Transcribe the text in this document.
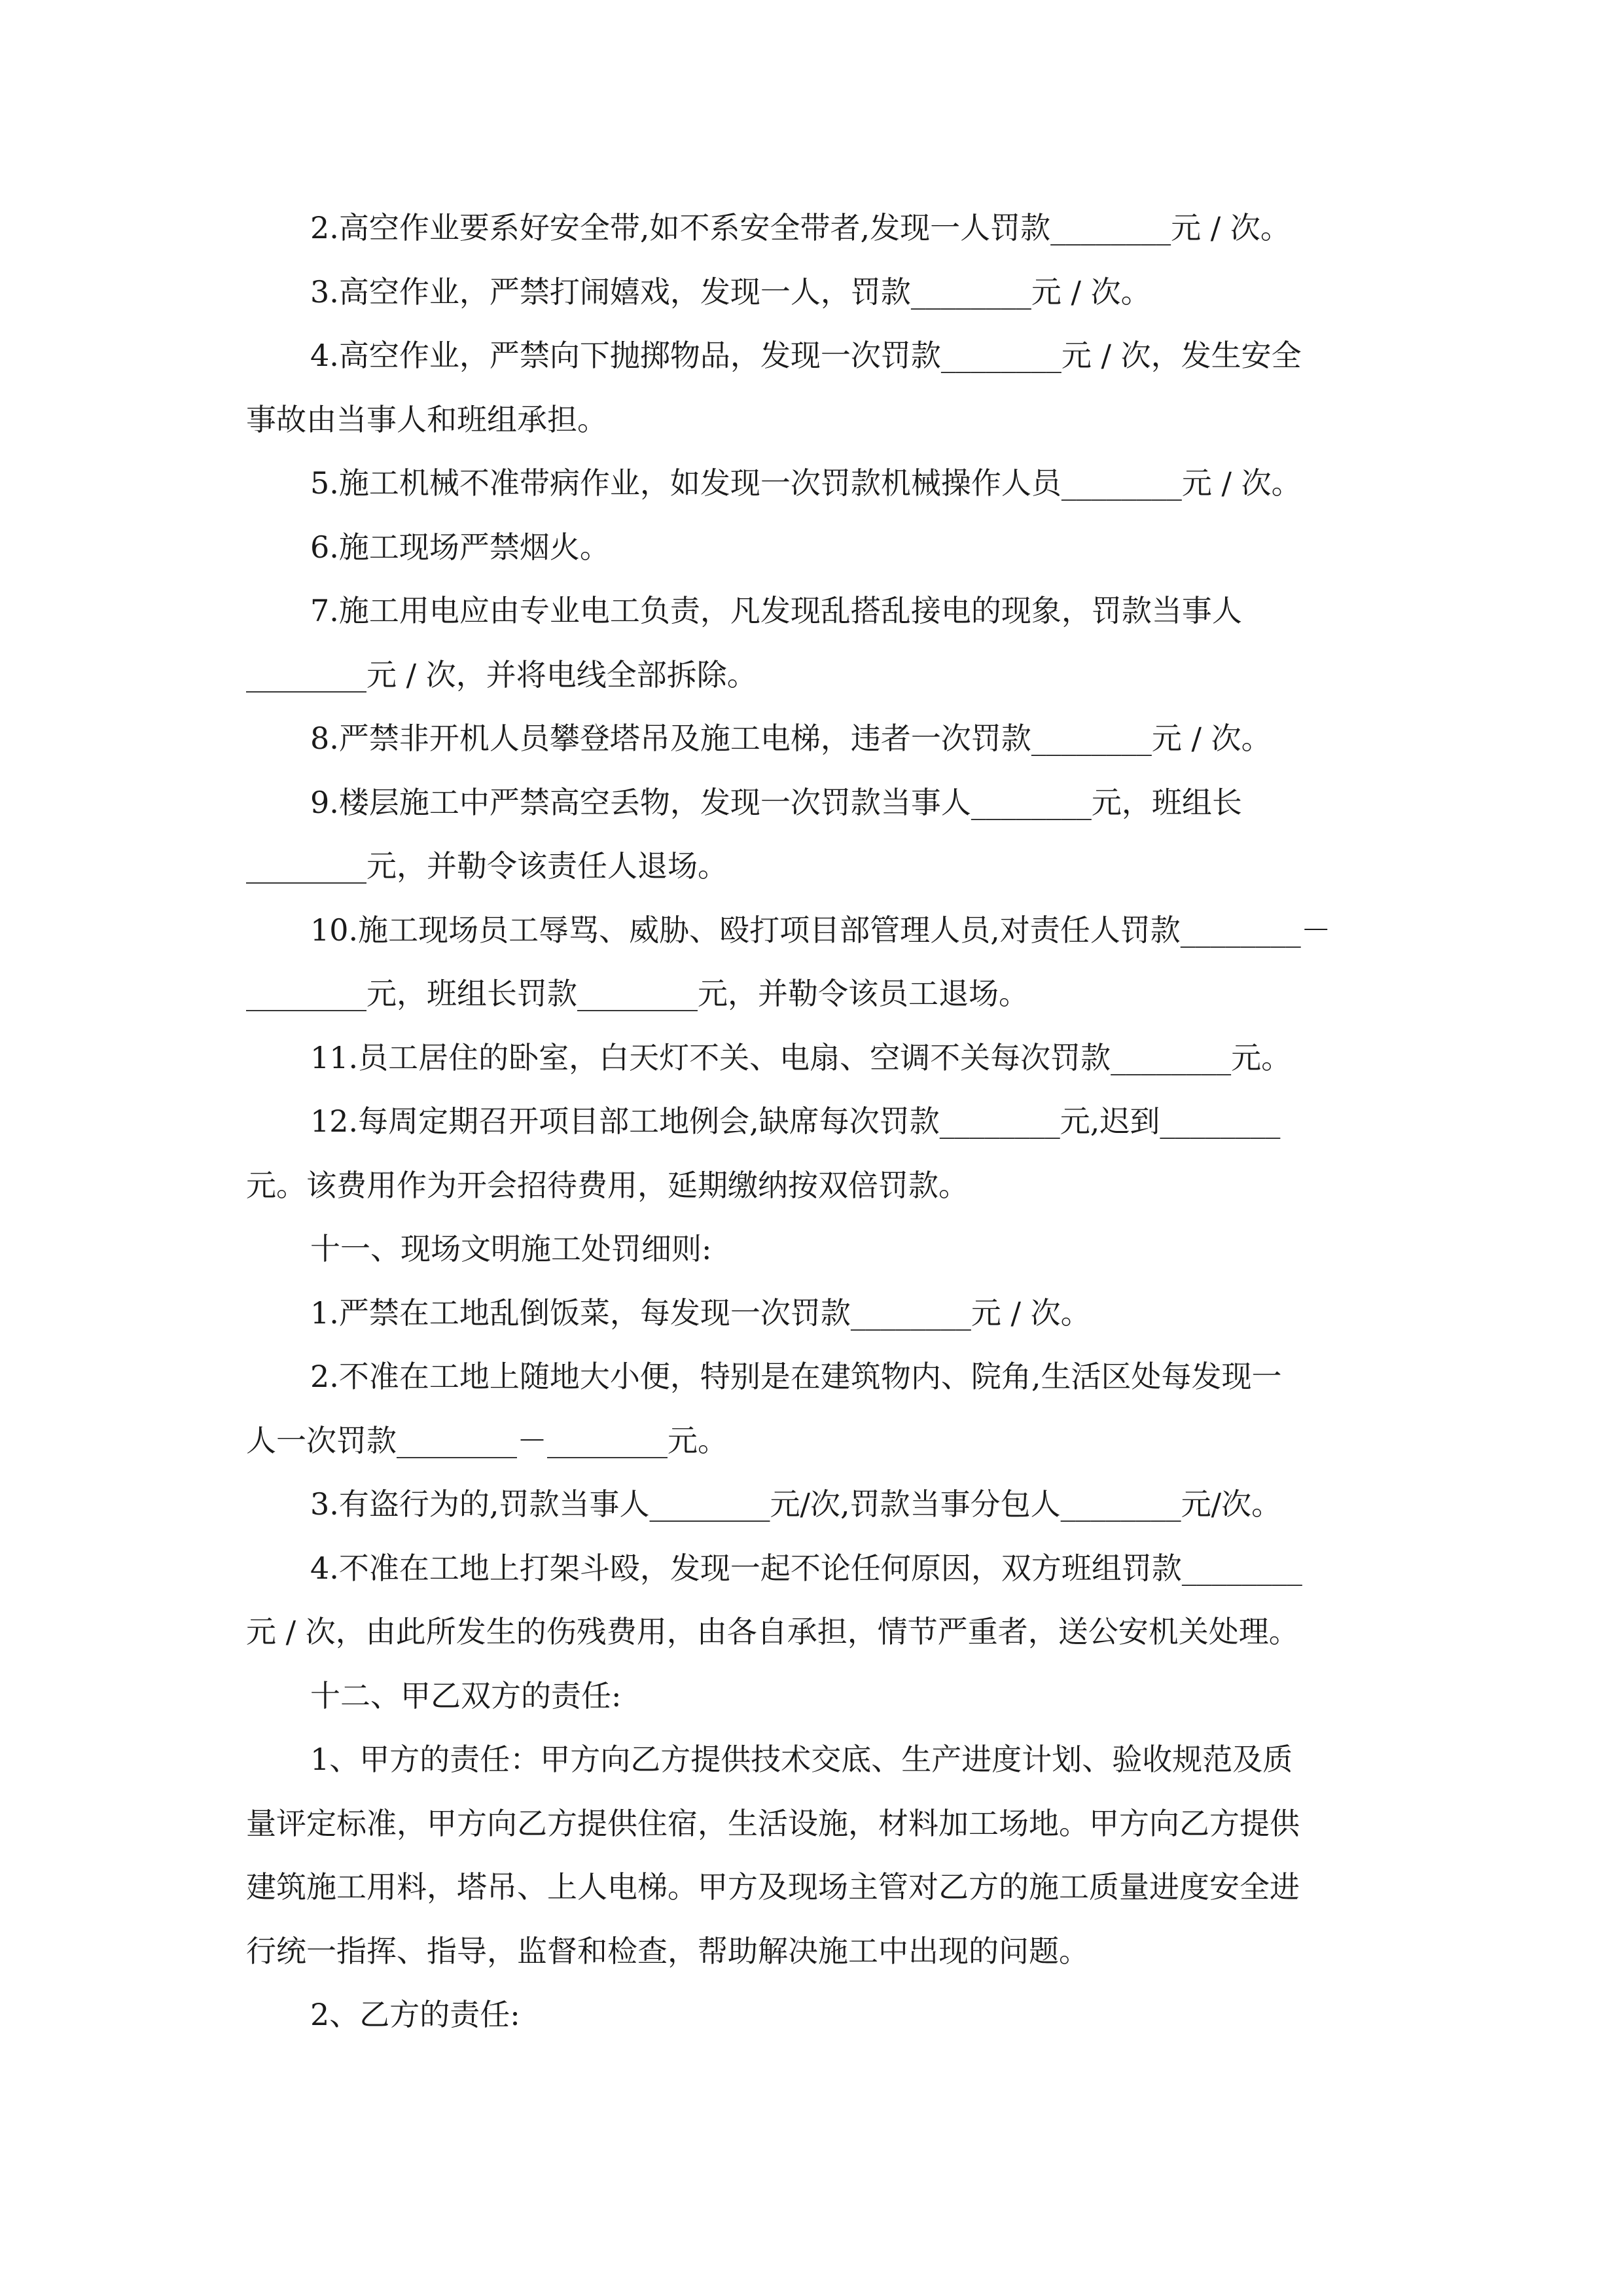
2.高空作业要系好安全带,如不系安全带者,发现一人罚款________元 / 次。
3.高空作业，严禁打闹嬉戏，发现一人，罚款________元 / 次。
4.高空作业，严禁向下抛掷物品，发现一次罚款________元 / 次，发生安全
事故由当事人和班组承担。
5.施工机械不准带病作业，如发现一次罚款机械操作人员________元 / 次。
6.施工现场严禁烟火。
7.施工用电应由专业电工负责，凡发现乱搭乱接电的现象，罚款当事人
________元 / 次，并将电线全部拆除。
8.严禁非开机人员攀登塔吊及施工电梯，违者一次罚款________元 / 次。
9.楼层施工中严禁高空丢物，发现一次罚款当事人________元，班组长
________元，并勒令该责任人退场。
10.施工现场员工辱骂、威胁、殴打项目部管理人员,对责任人罚款________－
________元，班组长罚款________元，并勒令该员工退场。
11.员工居住的卧室，白天灯不关、电扇、空调不关每次罚款________元。
12.每周定期召开项目部工地例会,缺席每次罚款________元,迟到________
元。该费用作为开会招待费用，延期缴纳按双倍罚款。
十一、现场文明施工处罚细则:
1.严禁在工地乱倒饭菜，每发现一次罚款________元 / 次。
2.不准在工地上随地大小便，特别是在建筑物内、院角,生活区处每发现一
人一次罚款________－________元。
3.有盗行为的,罚款当事人________元/次,罚款当事分包人________元/次。
4.不准在工地上打架斗殴，发现一起不论任何原因，双方班组罚款________
元 / 次，由此所发生的伤残费用，由各自承担，情节严重者，送公安机关处理。
十二、甲乙双方的责任:
1、甲方的责任：甲方向乙方提供技术交底、生产进度计划、验收规范及质
量评定标准，甲方向乙方提供住宿，生活设施，材料加工场地。甲方向乙方提供
建筑施工用料，塔吊、上人电梯。甲方及现场主管对乙方的施工质量进度安全进
行统一指挥、指导，监督和检查，帮助解决施工中出现的问题。
2、乙方的责任:
